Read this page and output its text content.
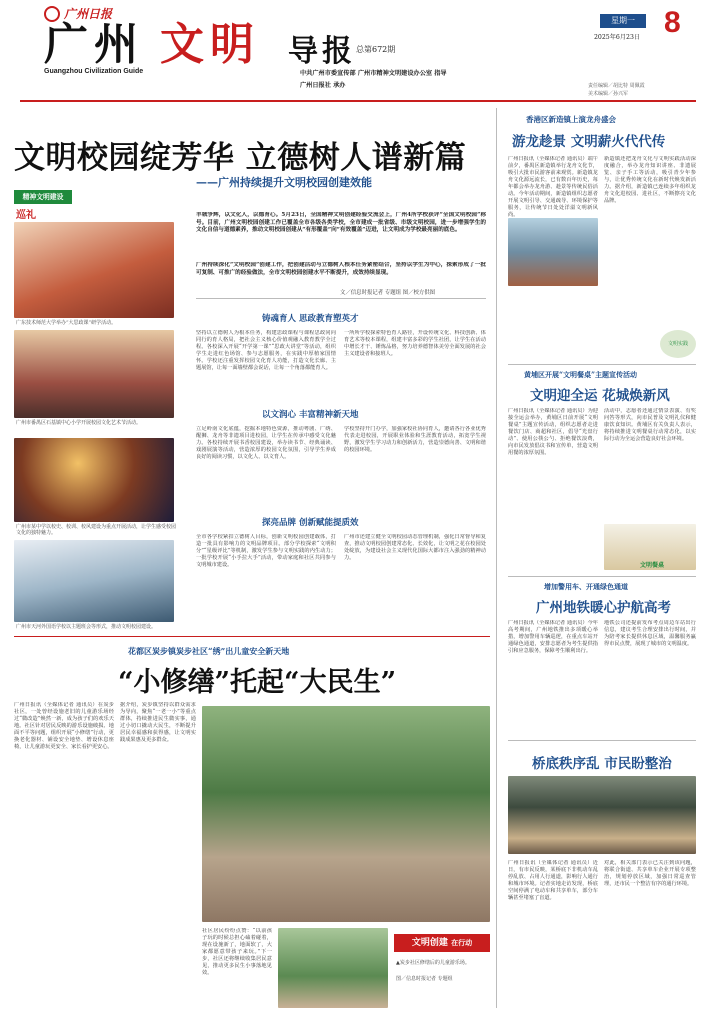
广州日报
广州 文明 导报 总第672期
Guangzhou Civilization Guide	中共广州市委宣传部 广州市精神文明建设办公室 指导
广州日报社 承办
星期一
2025年6月23日 8
责任编辑／胡比特 周佩霞
美术编辑／孙兴军
文明校园绽芳华 立德树人谱新篇
——广州持续提升文明校园创建效能
精神文明建设
巡礼
广东技术师范大学举办“大思政课”研学活动。
广州市番禺区石基镇中心小学开展校园文化艺术节活动。
广州市某中学以校史、校训、校风建设为重点开展活动，让学生感受校园文化的独特魅力。
广州市天河外国语学校以主题班会等形式，推动文明校园建设。
羊城争辉，以文化人，以德育心。5月23日，全国精神文明创建经验交流会上，广州4所学校获评“全国文明校园”称号。目前，广州文明校园创建工作已覆盖全市各级各类学校，全市建成一批省级、市级文明校园，进一步增强学生的文化自信与道德素养，推动文明校园创建从“有形覆盖”向“有效覆盖”迈进，让文明成为学校最亮丽的底色。
广州持续深化“文明校园”创建工作，把创建活动与立德树人根本任务紧密结合，坚持以学生为中心，探索形成了一批可复制、可推广的经验做法，全市文明校园创建水平不断提升，成效持续显现。
文／信息时报记者 专题组 图／校方供图
铸魂育人 思政教育塑英才
坚持以立德树人为根本任务，构建思政课程与课程思政同向同行的育人格局，把社会主义核心价值观融入教育教学全过程。各校深入开展“开学第一课”“思政大讲堂”等活动，组织学生走进红色场馆、参与志愿服务，在实践中厚植家国情怀。学校还注重发挥校园文化育人功能，打造文化长廊、主题展馆，让每一面墙壁都会说话，让每一个角落都能育人。
一所所学校探索特色育人路径，开设传统文化、科技创新、体育艺术等校本课程，组建丰富多彩的学生社团，让学生在活动中增长才干、锤炼品格，努力培养德智体美劳全面发展的社会主义建设者和接班人。
以文润心 丰富精神新天地
立足岭南文化底蕴，挖掘本地特色资源，推动粤剧、广绣、醒狮、龙舟等非遗项目进校园，让学生在传承中感受文化魅力。各校持续开展书香校园建设，举办读书节、经典诵读、戏剧展演等活动，营造浓厚的校园文化氛围，引导学生养成良好的阅读习惯，以文化人、以文育人。
学校坚持开门办学，加强家校社协同育人，邀请各行各业优秀代表走进校园，开展职业体验和生涯教育活动，拓宽学生视野，激发学生学习动力和创新活力，营造崇德向善、文明和谐的校园环境。
探亮品牌 创新赋能提质效
全市各学校紧扣立德树人目标，创新文明校园创建载体，打造一批具有影响力的文明品牌项目。部分学校探索“文明积分”“星级评比”等机制，激发学生参与文明实践的内生动力；一批学校开展“小手拉大手”活动，带动家庭和社区共同参与文明城市建设。
广州市还建立健全文明校园动态管理机制，强化日常督导和复查，推动文明校园创建常态化、长效化，让文明之花在校园处处绽放，为建设社会主义现代化国际大都市注入强劲的精神动力。
香港区新造镇上演龙舟盛会
游龙趁景 文明薪火代代传
广州日报讯（全媒体记者 通讯员）端午前夕，番禺区新造镇举行龙舟文化节，吸引大批市民游客前来观赏。新造镇龙舟文化源远流长，已有数百年历史，每年都会举办龙舟游、趁景等传统民俗活动。今年活动期间，新造镇组织志愿者开展文明引导、交通疏导、环境保护等服务，让传统节日处处洋溢文明新风尚。
新造镇还把龙舟文化与文明实践活动深度融合，举办龙舟知识讲座、非遗展览、亲子手工等活动，吸引青少年参与，让优秀传统文化在新时代焕发新活力。据介绍，新造镇已连续多年组织龙舟文化进校园、进社区，不断擦亮文化品牌。
文明实践
黄埔区开展“文明餐桌”主题宣传活动
文明迎全运 花城焕新风
广州日报讯（全媒体记者 通讯员）为迎接全运会举办，黄埔区日前开展“文明餐桌”主题宣传活动，组织志愿者走进餐饮门店、商超和社区，倡导“光盘行动”、使用公筷公勺、拒绝餐饮浪费，向市民发放倡议书和宣传单，营造文明用餐的浓厚氛围。
活动中，志愿者还通过情景表演、有奖问答等形式，向市民普及文明礼仪和健康饮食知识。黄埔区有关负责人表示，将持续推进文明餐桌行动常态化，以实际行动为全运会营造良好社会环境。
文明餐桌
增加警用车、开通绿色通道
广州地铁暖心护航高考
广州日报讯（全媒体记者 通讯员）今年高考期间，广州地铁推出多项暖心举措，增加警用车辆巡逻，在重点车站开通绿色通道，安排志愿者为考生提供指引和应急服务，保障考生顺利出行。
地铁公司还提前发布考点周边车站出行信息，建议考生合理安排出行时间，并为陪考家长提供休息区域，温馨服务赢得市民点赞，展现了城市的文明温度。
桥底秩序乱 市民盼整治
广州日报讯（全媒体记者 通讯员）近日，有市民反映，某桥底下非机动车乱停乱放、占用人行通道，影响行人通行和城市环境。记者实地走访发现，桥底空间停满了电动车和共享单车，部分车辆甚至堵塞了盲道。
对此，相关部门表示已关注到该问题，将联合街道、共享单车企业开展专项整治，规划停放区域，加强日常巡查管理，还市民一个整洁有序的通行环境。
花都区炭步镇炭步社区“绣”出儿童安全新天地
“小修缮”托起“大民生”
广州日报讯（全媒体记者 通讯员）在炭步社区，一处曾经设施老旧的儿童游乐场经过“微改造”焕然一新，成为孩子们的欢乐天地。社区针对居民反映的游乐设施破损、地面不平等问题，组织开展“小修缮”行动，更换老化器材、铺设安全地垫、增设休息座椅，让儿童游玩更安全、家长看护更安心。
据介绍，炭步镇坚持以群众需求为导向，聚焦“一老一小”等重点群体，持续推进民生微实事，通过小切口撬动大民生，不断提升居民幸福感和获得感，让文明实践成果惠及更多群众。
社区居民纷纷点赞：“以前孩子玩的时候总担心磕着碰着，现在设施新了，地面软了，大家都愿意带孩子来玩。”下一步，社区还将继续收集居民意见，推动更多民生小事落地见效。
文明创建 在行动
▲炭步社区修缮后的儿童游乐场。
图／信息时报记者 专题组
